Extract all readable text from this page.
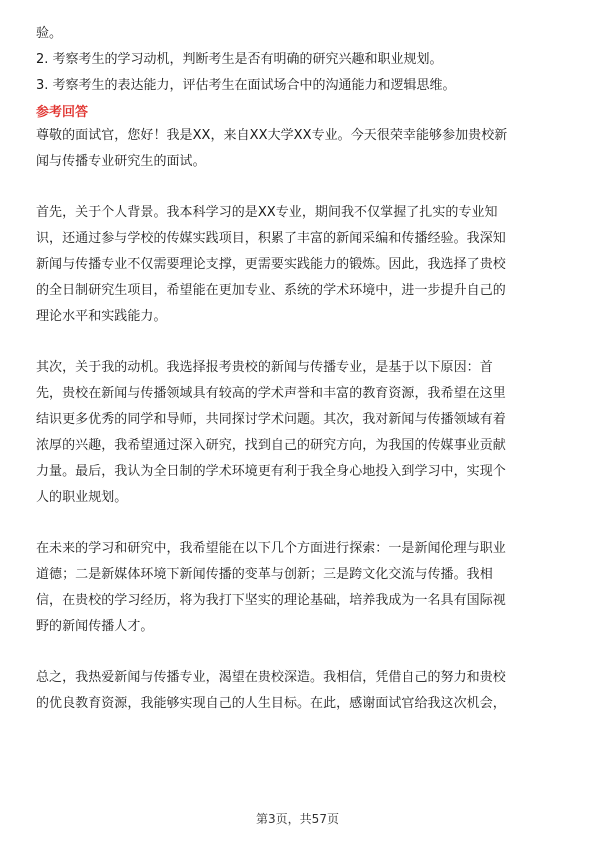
验。
2. 考察考生的学习动机，判断考生是否有明确的研究兴趣和职业规划。
3. 考察考生的表达能力，评估考生在面试场合中的沟通能力和逻辑思维。
参考回答
尊敬的面试官，您好！我是XX，来自XX大学XX专业。今天很荣幸能够参加贵校新
闻与传播专业研究生的面试。
首先，关于个人背景。我本科学习的是XX专业，期间我不仅掌握了扎实的专业知
识，还通过参与学校的传媒实践项目，积累了丰富的新闻采编和传播经验。我深知
新闻与传播专业不仅需要理论支撑，更需要实践能力的锻炼。因此，我选择了贵校
的全日制研究生项目，希望能在更加专业、系统的学术环境中，进一步提升自己的
理论水平和实践能力。
其次，关于我的动机。我选择报考贵校的新闻与传播专业，是基于以下原因：首
先，贵校在新闻与传播领域具有较高的学术声誉和丰富的教育资源，我希望在这里
结识更多优秀的同学和导师，共同探讨学术问题。其次，我对新闻与传播领域有着
浓厚的兴趣，我希望通过深入研究，找到自己的研究方向，为我国的传媒事业贡献
力量。最后，我认为全日制的学术环境更有利于我全身心地投入到学习中，实现个
人的职业规划。
在未来的学习和研究中，我希望能在以下几个方面进行探索：一是新闻伦理与职业
道德；二是新媒体环境下新闻传播的变革与创新；三是跨文化交流与传播。我相
信，在贵校的学习经历，将为我打下坚实的理论基础，培养我成为一名具有国际视
野的新闻传播人才。
总之，我热爱新闻与传播专业，渴望在贵校深造。我相信，凭借自己的努力和贵校
的优良教育资源，我能够实现自己的人生目标。在此，感谢面试官给我这次机会，
第3页，共57页
